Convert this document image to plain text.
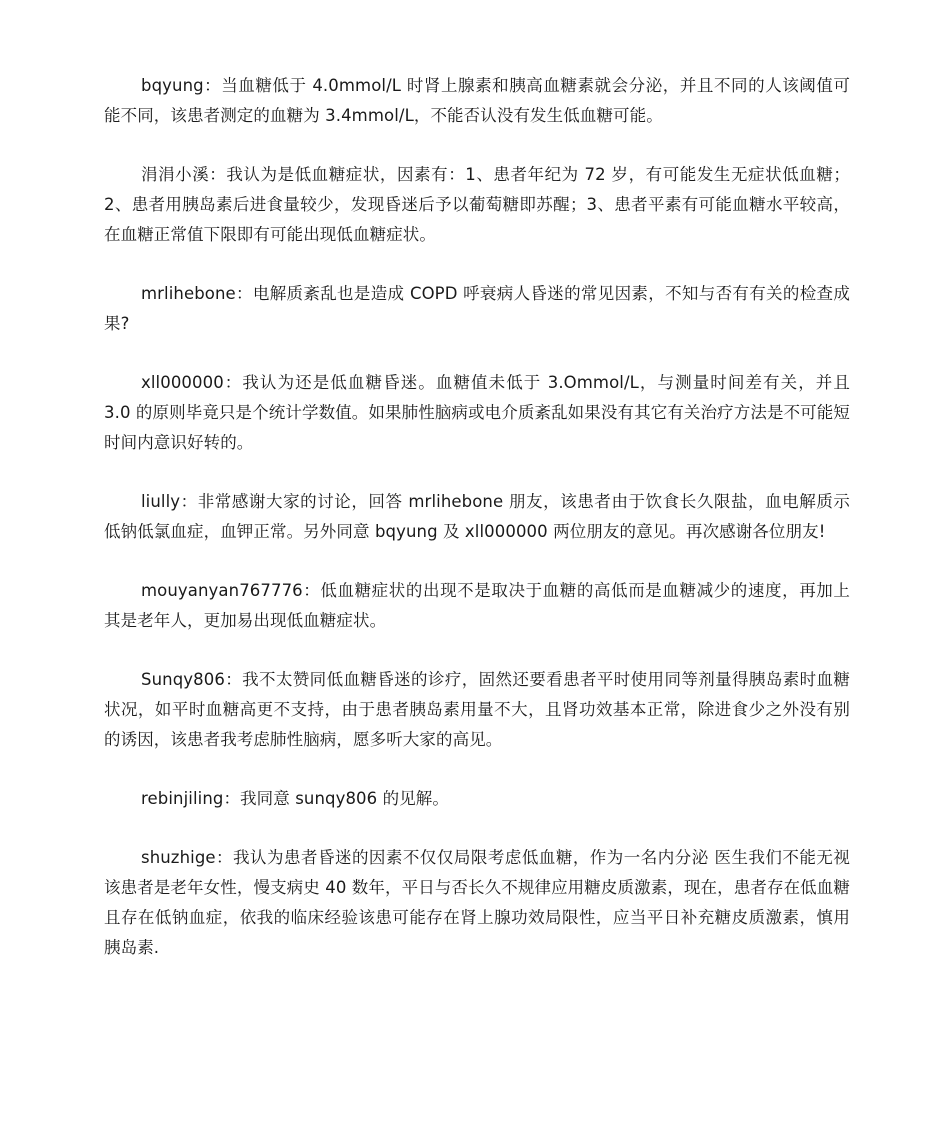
bqyung：当血糖低于 4.0mmol/L 时肾上腺素和胰高血糖素就会分泌，并且不同的人该阈值可能不同，该患者测定的血糖为 3.4mmol/L，不能否认没有发生低血糖可能。

涓涓小溪：我认为是低血糖症状，因素有：1、患者年纪为 72 岁，有可能发生无症状低血糖；2、患者用胰岛素后进食量较少，发现昏迷后予以葡萄糖即苏醒；3、患者平素有可能血糖水平较高，在血糖正常值下限即有可能出现低血糖症状。

mrlihebone：电解质紊乱也是造成 COPD 呼衰病人昏迷的常见因素，不知与否有有关的检查成果?

xll000000：我认为还是低血糖昏迷。血糖值未低于 3.Ommol/L，与测量时间差有关，并且 3.0 的原则毕竟只是个统计学数值。如果肺性脑病或电介质紊乱如果没有其它有关治疗方法是不可能短时间内意识好转的。

liully：非常感谢大家的讨论，回答 mrlihebone 朋友，该患者由于饮食长久限盐，血电解质示低钠低氯血症，血钾正常。另外同意 bqyung 及 xll000000 两位朋友的意见。再次感谢各位朋友!

mouyanyan767776：低血糖症状的出现不是取决于血糖的高低而是血糖减少的速度，再加上其是老年人，更加易出现低血糖症状。

Sunqy806：我不太赞同低血糖昏迷的诊疗，固然还要看患者平时使用同等剂量得胰岛素时血糖状况，如平时血糖高更不支持，由于患者胰岛素用量不大，且肾功效基本正常，除进食少之外没有别的诱因，该患者我考虑肺性脑病，愿多听大家的高见。

rebinjiling：我同意 sunqy806 的见解。

shuzhige：我认为患者昏迷的因素不仅仅局限考虑低血糖，作为一名内分泌 医生我们不能无视该患者是老年女性，慢支病史 40 数年，平日与否长久不规律应用糖皮质激素，现在，患者存在低血糖且存在低钠血症，依我的临床经验该患可能存在肾上腺功效局限性，应当平日补充糖皮质激素，慎用胰岛素.
